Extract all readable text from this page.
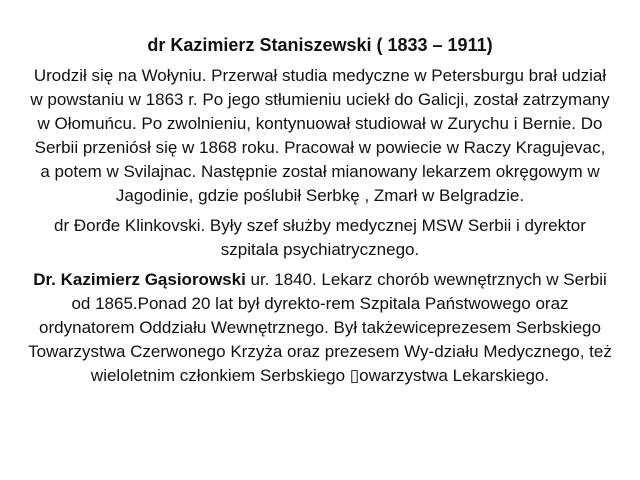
dr Kazimierz Staniszewski ( 1833 – 1911)

Urodził się na Wołyniu. Przerwał studia medyczne w Petersburgu brał udział w powstaniu w 1863 r. Po jego stłumieniu uciekł do Galicji, został zatrzymany w Ołomuńcu. Po zwolnieniu, kontynuował studiował w Zurychu i Bernie. Do Serbii przeniósł się w 1868 roku. Pracował w powiecie w Raczy Kragujevac, a potem w Svilajnac. Następnie został mianowany lekarzem okręgowym w Jagodinie, gdzie poślubił Serbkę , Zmarł w Belgradzie.

dr Đorđe Klinkovski. Były szef służby medycznej MSW Serbii i dyrektor szpitala psychiatrycznego.

Dr. Kazimierz Gąsiorowski ur. 1840. Lekarz chorób wewnętrznych w Serbii od 1865.Ponad 20 lat był dyrekto-rem Szpitala Państwowego oraz ordynatorem Oddziału Wewnętrznego. Był takżewiceprezesem Serbskiego Towarzystwa Czerwonego Krzyża oraz prezesem Wy-działu Medycznego, też wieloletnim członkiem Serbskiego ▯owarzystwa Lekarskiego.
